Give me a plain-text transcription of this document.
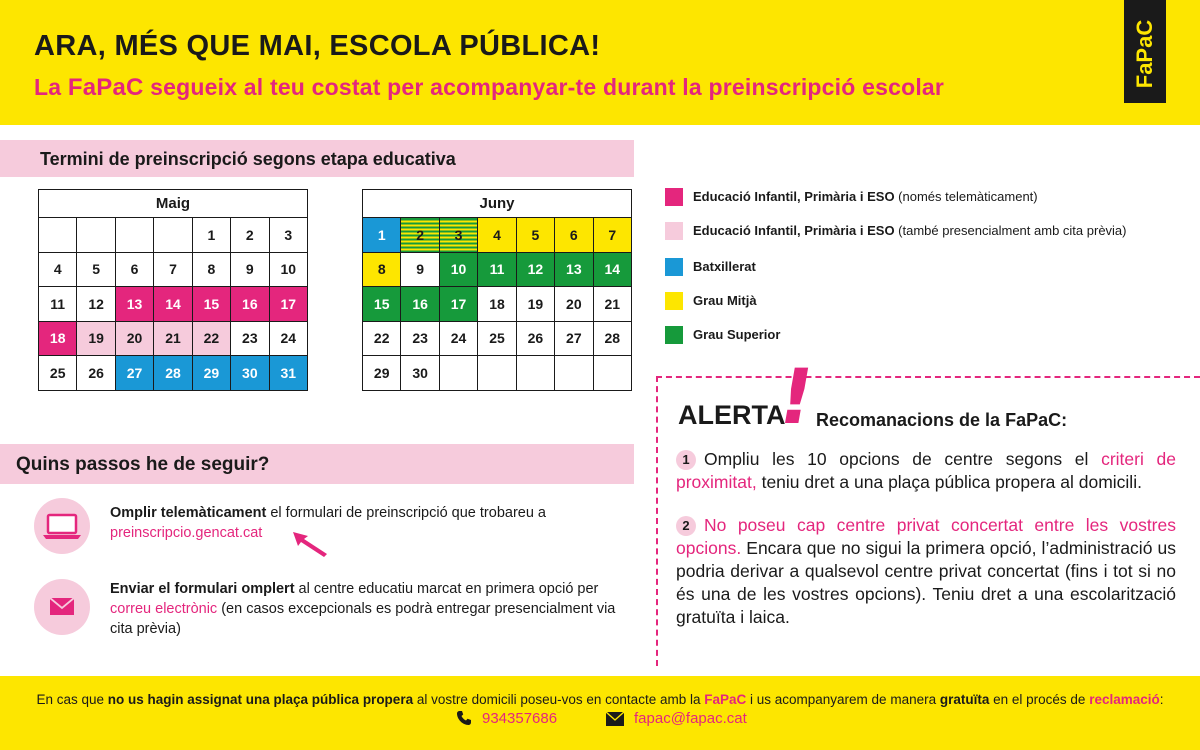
ARA, MÉS QUE MAI, ESCOLA PÚBLICA!
La FaPaC segueix al teu costat per acompanyar-te durant la preinscripció escolar	FaPaC
Termini de preinscripció segons etapa educativa
Maig						
				1	2	3
4	5	6	7	8	9	10
11	12	13	14	15	16	17
18	19	20	21	22	23	24
25	26	27	28	29	30	31
Juny						
1	2	3	4	5	6	7
8	9	10	11	12	13	14
15	16	17	18	19	20	21
22	23	24	25	26	27	28
29	30					
Educació Infantil, Primària i ESO (només telemàticament)
Educació Infantil, Primària i ESO (també presencialment amb cita prèvia)
Batxillerat
Grau Mitjà
Grau Superior
ALERTA
!
Recomanacions de la FaPaC:
1 Ompliu les 10 opcions de centre segons el criteri de proximitat, teniu dret a una plaça pública propera al domicili.
2 No poseu cap centre privat concertat entre les vostres opcions. Encara que no sigui la primera opció, l’administració us podria derivar a qualsevol centre privat concertat (fins i tot si no és una de les vostres opcions). Teniu dret a una escolarització gratuïta i laica.
Quins passos he de seguir?
Omplir telemàticament el formulari de preinscripció que trobareu a
preinscripcio.gencat.cat
Enviar el formulari omplert al centre educatiu marcat en primera opció per correu electrònic (en casos excepcionals es podrà entregar presencialment via cita prèvia)
En cas que no us hagin assignat una plaça pública propera al vostre domicili poseu-vos en contacte amb la FaPaC i us acompanyarem de manera gratuïta en el procés de reclamació:
934357686	fapac@fapac.cat
